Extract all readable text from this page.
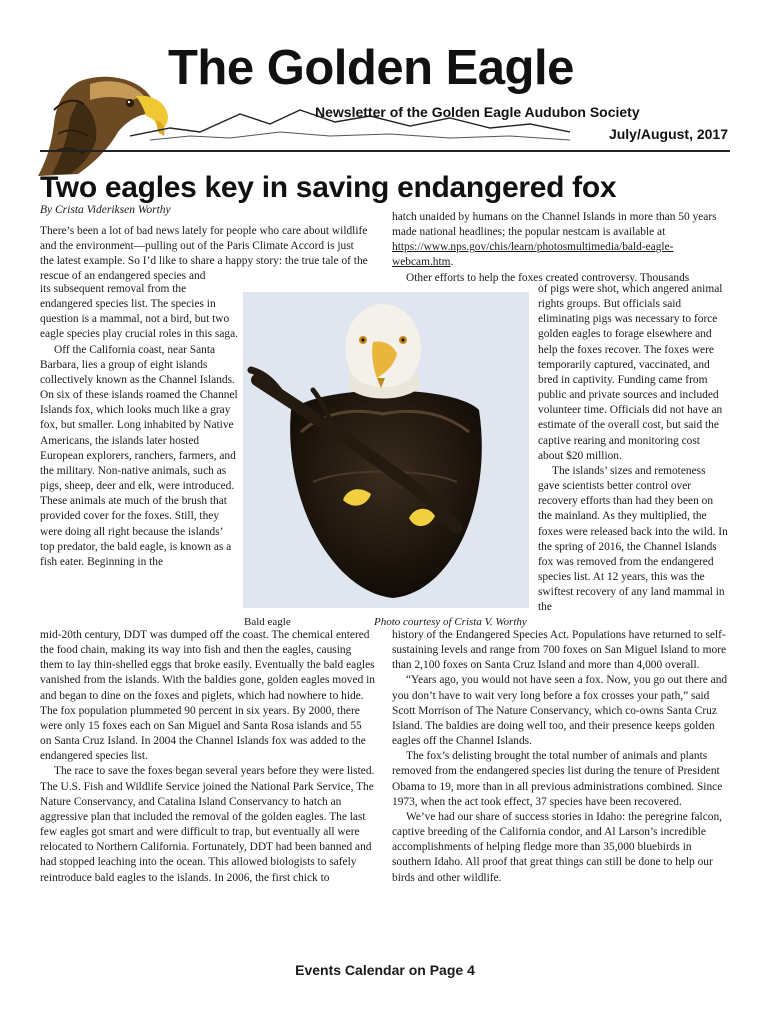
The Golden Eagle
Newsletter of the Golden Eagle Audubon Society
July/August, 2017
Two eagles key in saving endangered fox
By Crista Videriksen Worthy

There’s been a lot of bad news lately for people who care about wildlife and the environment—pulling out of the Paris Climate Accord is just the latest example. So I’d like to share a happy story: the true tale of the rescue of an endangered species and

its subsequent removal from the endangered species list. The species in question is a mammal, not a bird, but two eagle species play crucial roles in this saga.

Off the California coast, near Santa Barbara, lies a group of eight islands collectively known as the Channel Islands. On six of these islands roamed the Channel Islands fox, which looks much like a gray fox, but smaller. Long inhabited by Native Americans, the islands later hosted European explorers, ranchers, farmers, and the military. Non-native animals, such as pigs, sheep, deer and elk, were introduced. These animals ate much of the brush that provided cover for the foxes. Still, they were doing all right because the islands’ top predator, the bald eagle, is known as a fish eater. Beginning in the

mid-20th century, DDT was dumped off the coast. The chemical entered the food chain, making its way into fish and then the eagles, causing them to lay thin-shelled eggs that broke easily. Eventually the bald eagles vanished from the islands. With the baldies gone, golden eagles moved in and began to dine on the foxes and piglets, which had nowhere to hide. The fox population plummeted 90 percent in six years. By 2000, there were only 15 foxes each on San Miguel and Santa Rosa islands and 55 on Santa Cruz Island. In 2004 the Channel Islands fox was added to the endangered species list.

The race to save the foxes began several years before they were listed. The U.S. Fish and Wildlife Service joined the National Park Service, The Nature Conservancy, and Catalina Island Conservancy to hatch an aggressive plan that included the removal of the golden eagles. The last few eagles got smart and were difficult to trap, but eventually all were relocated to Northern California. Fortunately, DDT had been banned and had stopped leaching into the ocean. This allowed biologists to safely reintroduce bald eagles to the islands. In 2006, the first chick to

hatch unaided by humans on the Channel Islands in more than 50 years made national headlines; the popular nestcam is available at https://www.nps.gov/chis/learn/photosmultimedia/bald-eagle-webcam.htm.

Other efforts to help the foxes created controversy. Thousands

of pigs were shot, which angered animal rights groups. But officials said eliminating pigs was necessary to force golden eagles to forage elsewhere and help the foxes recover. The foxes were temporarily captured, vaccinated, and bred in captivity. Funding came from public and private sources and included volunteer time. Officials did not have an estimate of the overall cost, but said the captive rearing and monitoring cost about $20 million.

The islands’ sizes and remoteness gave scientists better control over recovery efforts than had they been on the mainland. As they multiplied, the foxes were released back into the wild. In the spring of 2016, the Channel Islands fox was removed from the endangered species list. At 12 years, this was the swiftest recovery of any land mammal in the

history of the Endangered Species Act. Populations have returned to self-sustaining levels and range from 700 foxes on San Miguel Island to more than 2,100 foxes on Santa Cruz Island and more than 4,000 overall.

“Years ago, you would not have seen a fox. Now, you go out there and you don’t have to wait very long before a fox crosses your path,” said Scott Morrison of The Nature Conservancy, which co-owns Santa Cruz Island. The baldies are doing well too, and their presence keeps golden eagles off the Channel Islands.

The fox’s delisting brought the total number of animals and plants removed from the endangered species list during the tenure of President Obama to 19, more than in all previous administrations combined. Since 1973, when the act took effect, 37 species have been recovered.

We’ve had our share of success stories in Idaho: the peregrine falcon, captive breeding of the California condor, and Al Larson’s incredible accomplishments of helping fledge more than 35,000 bluebirds in southern Idaho. All proof that great things can still be done to help our birds and other wildlife.

Bald eagle	Photo courtesy of Crista V. Worthy
Events Calendar on Page 4
